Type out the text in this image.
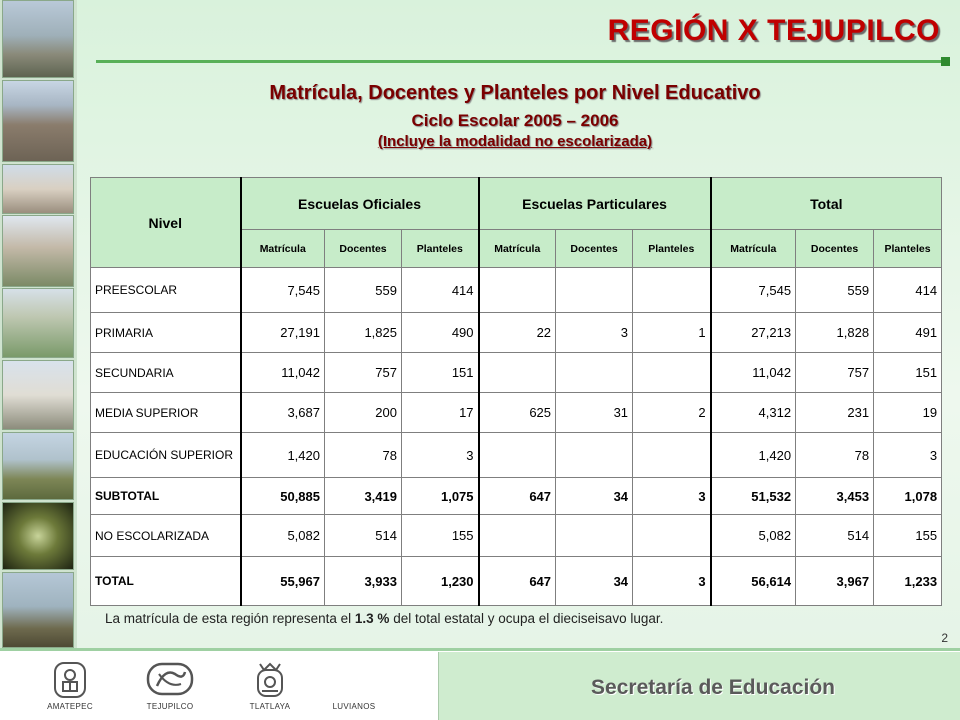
REGIÓN X TEJUPILCO
Matrícula, Docentes y Planteles por Nivel Educativo
Ciclo Escolar 2005 – 2006
(Incluye la modalidad no escolarizada)
Nivel	Escuelas Oficiales			Escuelas Particulares			Total		
	Matrícula	Docentes	Planteles	Matrícula	Docentes	Planteles	Matrícula	Docentes	Planteles
PREESCOLAR	7,545	559	414				7,545	559	414
PRIMARIA	27,191	1,825	490	22	3	1	27,213	1,828	491
SECUNDARIA	11,042	757	151				11,042	757	151
MEDIA SUPERIOR	3,687	200	17	625	31	2	4,312	231	19
EDUCACIÓN SUPERIOR	1,420	78	3				1,420	78	3
SUBTOTAL	50,885	3,419	1,075	647	34	3	51,532	3,453	1,078
NO ESCOLARIZADA	5,082	514	155				5,082	514	155
TOTAL	55,967	3,933	1,230	647	34	3	56,614	3,967	1,233

La matrícula de esta región representa el 1.3 % del total estatal y ocupa el dieciseisavo lugar.

2

AMATEPEC	TEJUPILCO	TLATLAYA	LUVIANOS
Secretaría de Educación
